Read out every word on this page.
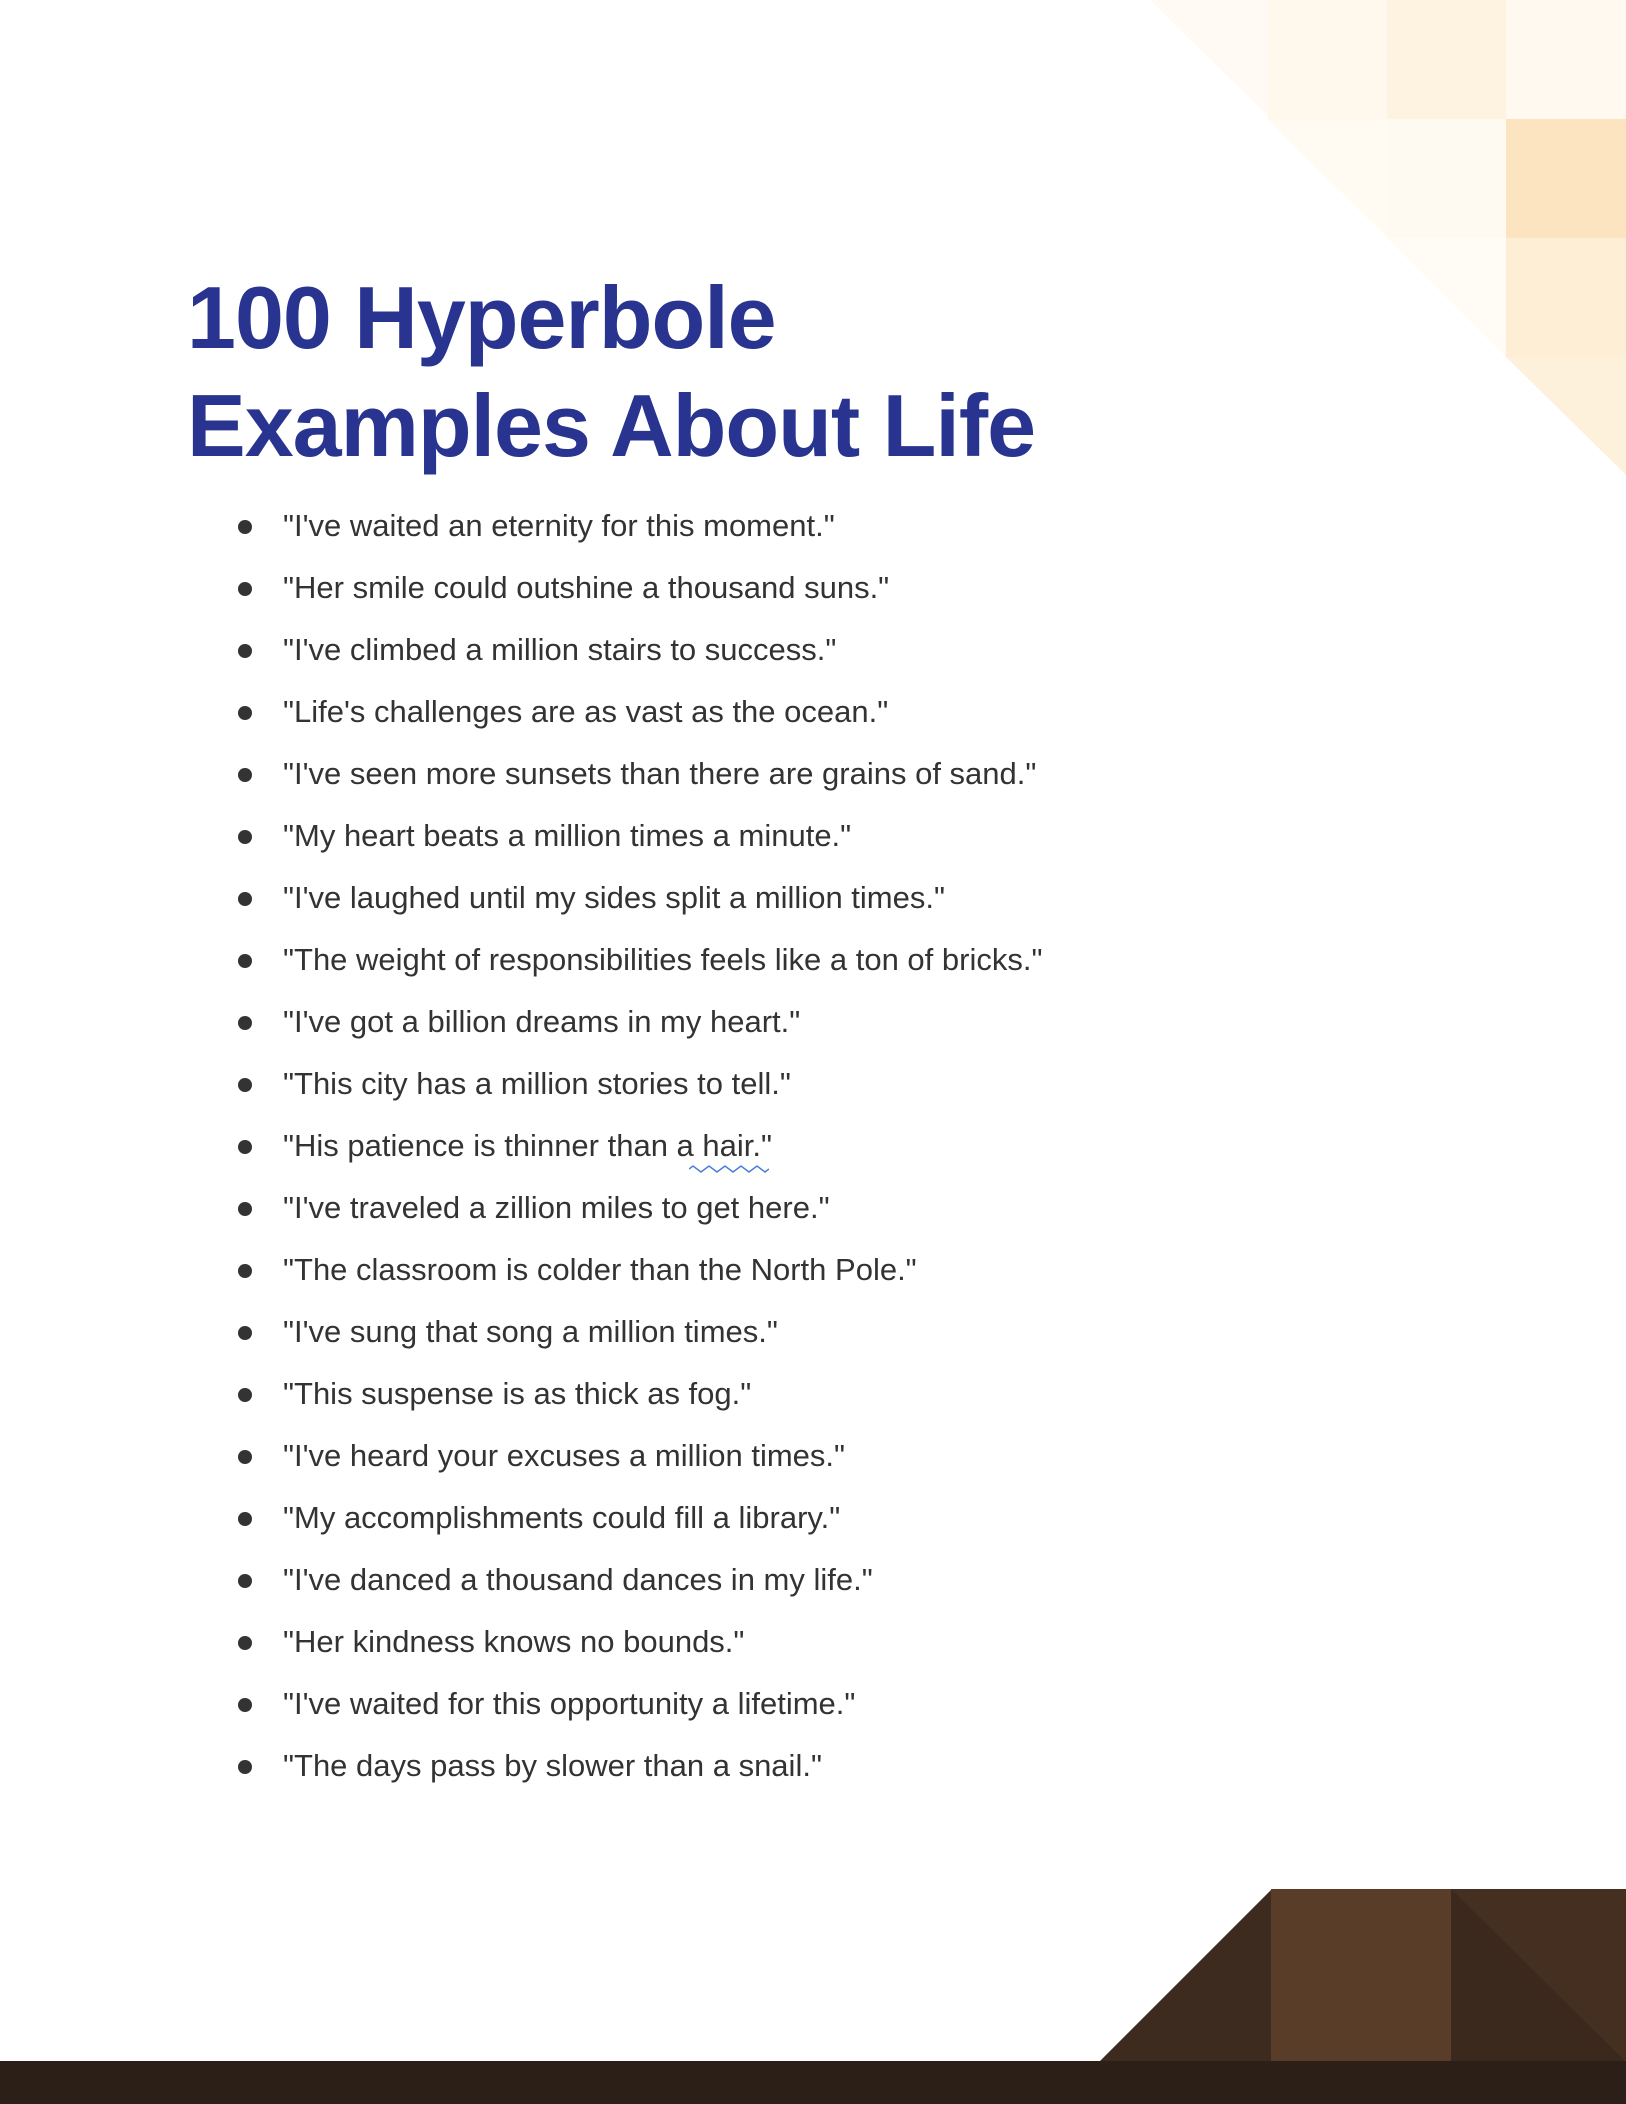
100 Hyperbole
Examples About Life
"I've waited an eternity for this moment."
"Her smile could outshine a thousand suns."
"I've climbed a million stairs to success."
"Life's challenges are as vast as the ocean."
"I've seen more sunsets than there are grains of sand."
"My heart beats a million times a minute."
"I've laughed until my sides split a million times."
"The weight of responsibilities feels like a ton of bricks."
"I've got a billion dreams in my heart."
"This city has a million stories to tell."
"His patience is thinner than a hair."
"I've traveled a zillion miles to get here."
"The classroom is colder than the North Pole."
"I've sung that song a million times."
"This suspense is as thick as fog."
"I've heard your excuses a million times."
"My accomplishments could fill a library."
"I've danced a thousand dances in my life."
"Her kindness knows no bounds."
"I've waited for this opportunity a lifetime."
"The days pass by slower than a snail."
